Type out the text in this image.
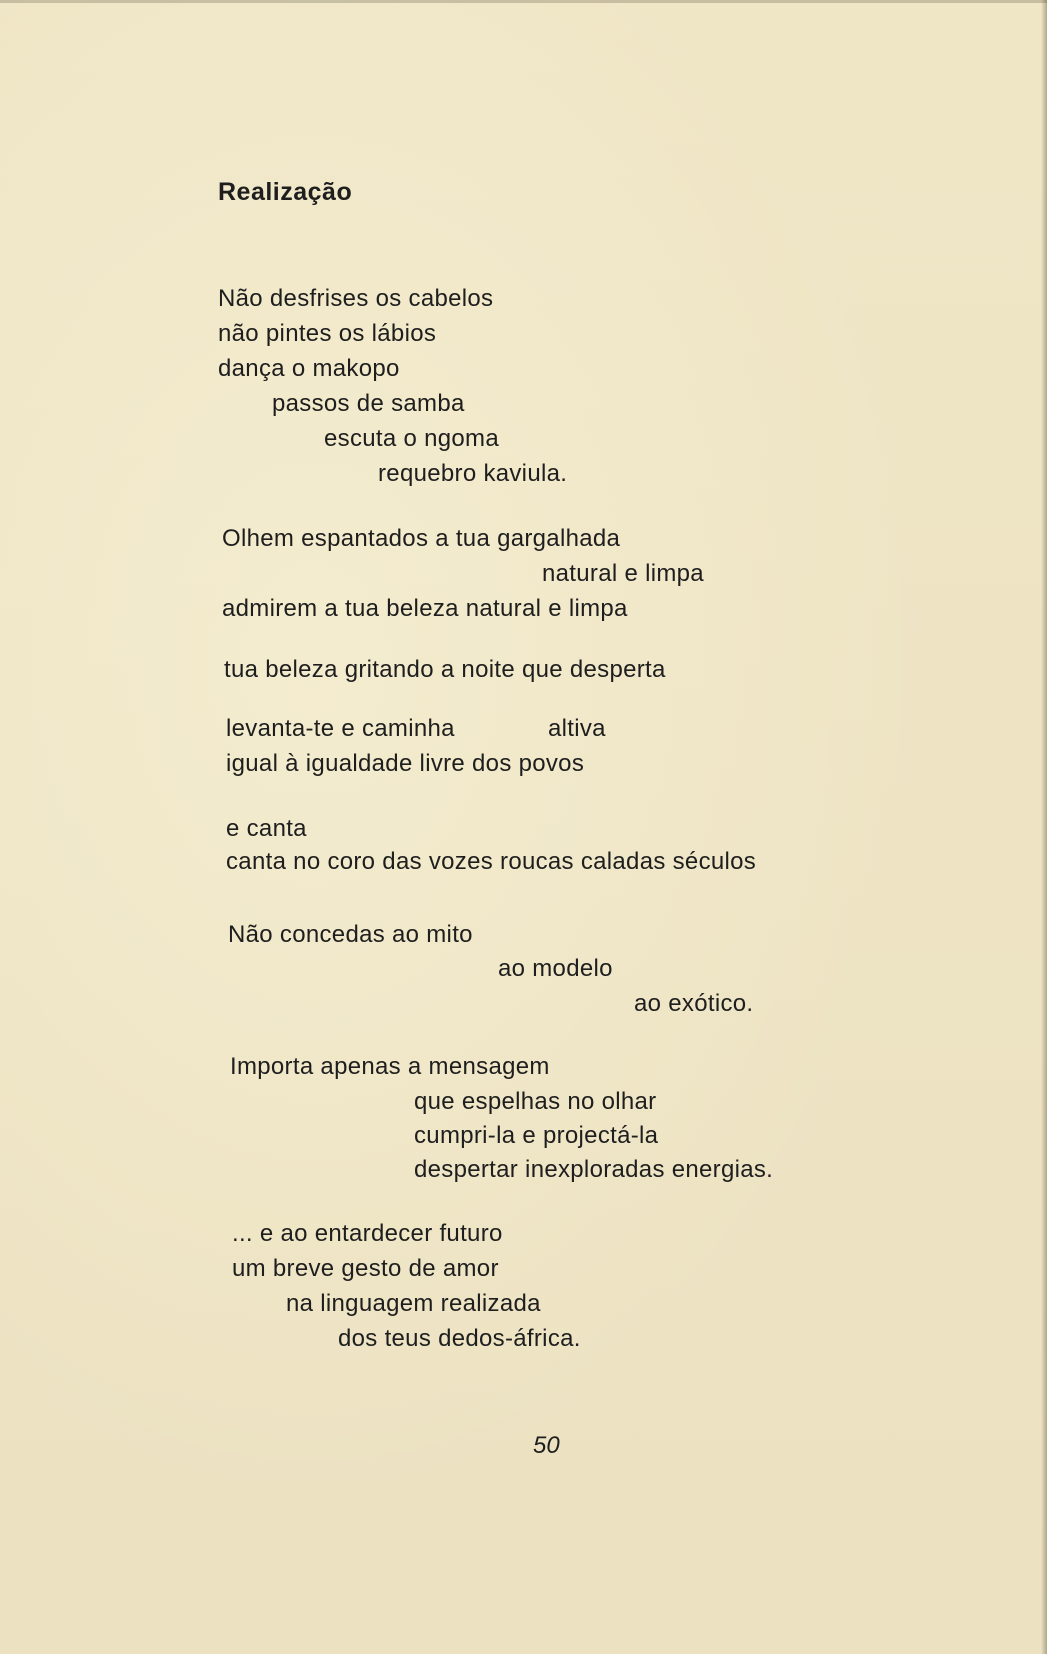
Realização
Não desfrises os cabelos
não pintes os lábios
dança o makopo
passos de samba
escuta o ngoma
requebro kaviula.
Olhem espantados a tua gargalhada
natural e limpa
admirem a tua beleza natural e limpa
tua beleza gritando a noite que desperta
levanta-te e caminha	altiva
igual à igualdade livre dos povos
e canta
canta no coro das vozes roucas caladas séculos
Não concedas ao mito
ao modelo
ao exótico.
Importa apenas a mensagem
que espelhas no olhar
cumpri-la e projectá-la
despertar inexploradas energias.
... e ao entardecer futuro
um breve gesto de amor
na linguagem realizada
dos teus dedos-áfrica.
50
